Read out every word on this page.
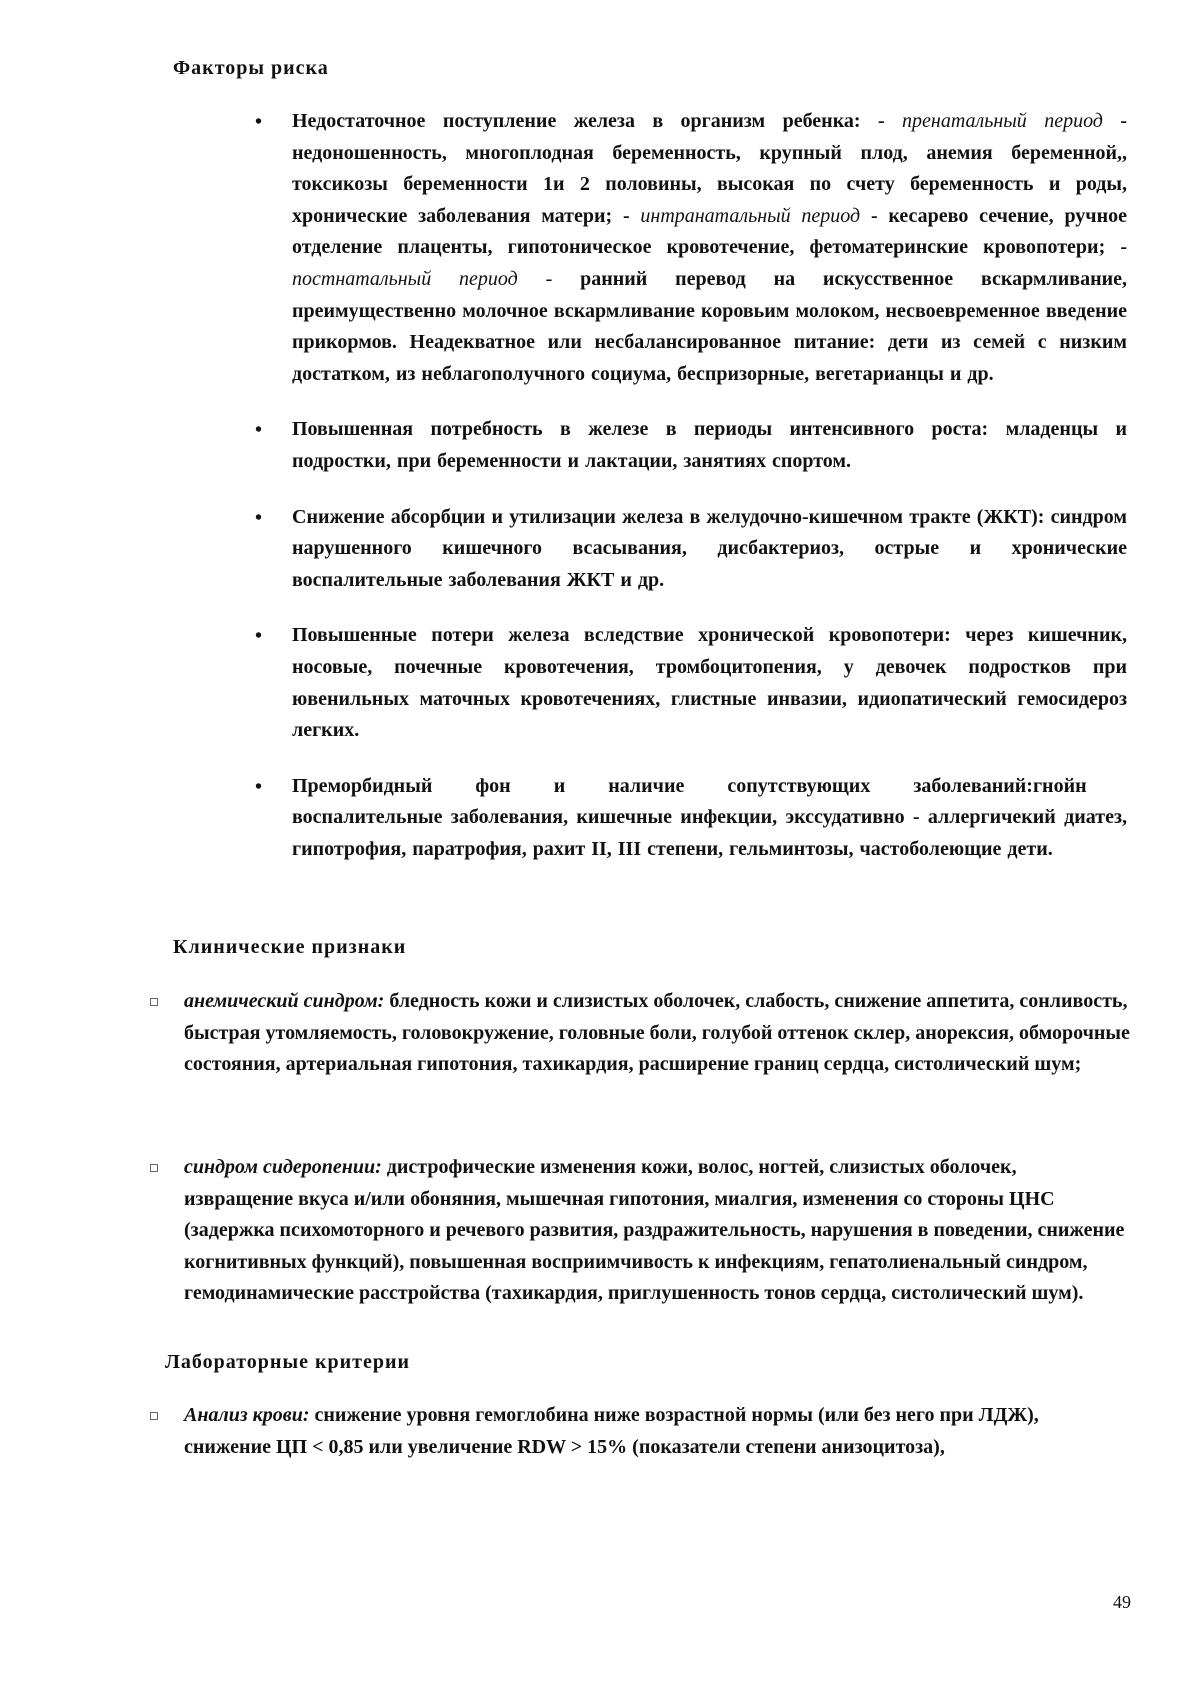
Факторы риска
• Недостаточное поступление железа в организм ребенка: - пренатальный период - недоношенность, многоплодная беременность, крупный плод, анемия беременной,, токсикозы беременности 1и 2 половины, высокая по счету беременность и роды, хронические заболевания матери; - интранатальный период - кесарево сечение, ручное отделение плаценты, гипотоническое кровотечение, фетоматеринские кровопотери; - постнатальный период - ранний перевод на искусственное вскармливание, преимущественно молочное вскармливание коровьим молоком, несвоевременное введение прикормов. Неадекватное или несбалансированное питание: дети из семей с низким достатком, из неблагополучного социума, беспризорные, вегетарианцы и др.
• Повышенная потребность в железе в периоды интенсивного роста: младенцы и подростки, при беременности и лактации, занятиях спортом.
• Снижение абсорбции и утилизации железа в желудочно-кишечном тракте (ЖКТ): синдром нарушенного кишечного всасывания, дисбактериоз, острые и хронические воспалительные заболевания ЖКТ и др.
• Повышенные потери железа вследствие хронической кровопотери: через кишечник, носовые, почечные кровотечения, тромбоцитопения, у девочек подростков при ювенильных маточных кровотечениях, глистные инвазии, идиопатический гемосидероз легких.
• Преморбидный фон и наличие сопутствующих заболеваний:гнойн
воспалительные заболевания, кишечные инфекции, экссудативно - аллергичекий диатез, гипотрофия, паратрофия, рахит II, III степени, гельминтозы, частоболеющие дети.
Клинические признаки
анемический синдром: бледность кожи и слизистых оболочек, слабость, снижение аппетита, сонливость, быстрая утомляемость, головокружение, головные боли, голубой оттенок склер, анорексия, обморочные состояния, артериальная гипотония, тахикардия, расширение границ сердца, систолический шум;
синдром сидеропении: дистрофические изменения кожи, волос, ногтей, слизистых оболочек, извращение вкуса и/или обоняния, мышечная гипотония, миалгия, изменения со стороны ЦНС (задержка психомоторного и речевого развития, раздражительность, нарушения в поведении, снижение когнитивных функций), повышенная восприимчивость к инфекциям, гепатолиенальный синдром, гемодинамические расстройства (тахикардия, приглушенность тонов сердца, систолический шум).
Лабораторные критерии
Анализ крови: снижение уровня гемоглобина ниже возрастной нормы (или без него при ЛДЖ), снижение ЦП < 0,85 или увеличение RDW > 15% (показатели степени анизоцитоза),
49
